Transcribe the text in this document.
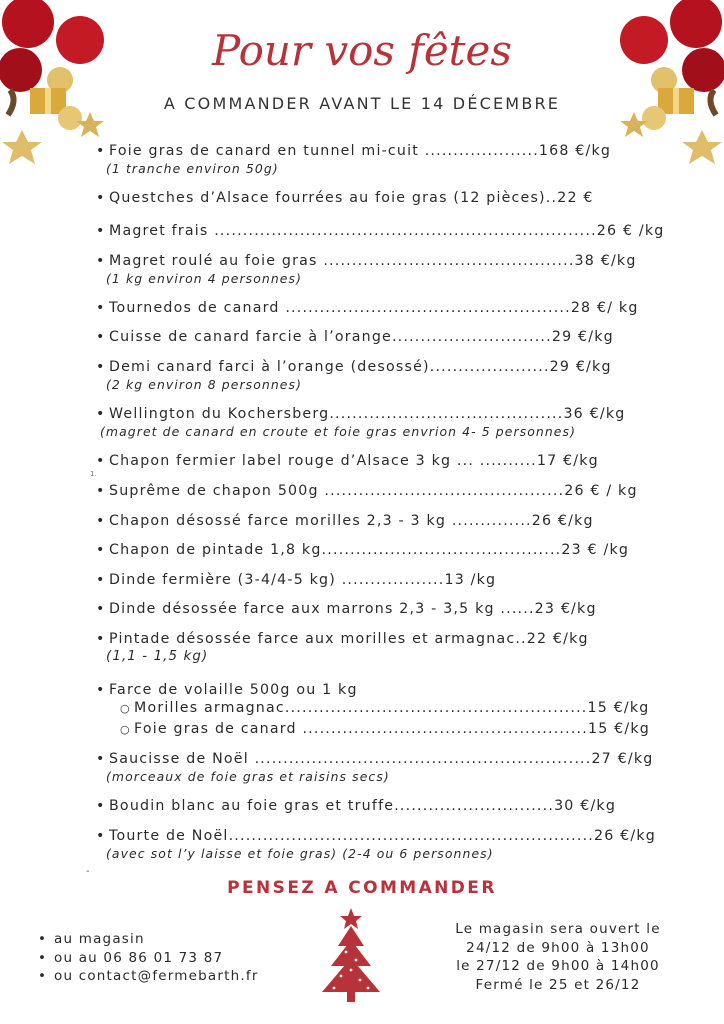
Pour vos fêtes
A COMMANDER AVANT LE 14 DÉCEMBRE
• Foie gras de canard en tunnel mi-cuit ....................168 €/kg
(1 tranche environ 50g)
• Questches d’Alsace fourrées au foie gras (12 pièces)..22 €
• Magret frais ...................................................................26 € /kg
• Magret roulé au foie gras ............................................38 €/kg
(1 kg environ 4 personnes)
• Tournedos de canard ..................................................28 €/ kg
• Cuisse de canard farcie à l’orange............................29 €/kg
• Demi canard farci à l’orange (desossé).....................29 €/kg
(2 kg environ 8 personnes)
• Wellington du Kochersberg.........................................36 €/kg
(magret de canard en croute et foie gras envrion 4- 5 personnes)
• Chapon fermier label rouge d’Alsace 3 kg ... ..........17 €/kg
1.
• Suprême de chapon 500g ..........................................26 € / kg
• Chapon désossé farce morilles 2,3 - 3 kg ..............26 €/kg
• Chapon de pintade 1,8 kg..........................................23 € /kg
• Dinde fermière (3-4/4-5 kg) ..................13 /kg
• Dinde désossée farce aux marrons 2,3 - 3,5 kg ......23 €/kg
• Pintade désossée farce aux morilles et armagnac..22 €/kg
(1,1 - 1,5 kg)
• Farce de volaille 500g ou 1 kg
○ Morilles armagnac.....................................................15 €/kg
○ Foie gras de canard ..................................................15 €/kg
• Saucisse de Noël ...........................................................27 €/kg
(morceaux de foie gras et raisins secs)
• Boudin blanc au foie gras et truffe............................30 €/kg
• Tourte de Noël................................................................26 €/kg
(avec sot l’y laisse et foie gras) (2-4 ou 6 personnes)
-
PENSEZ A COMMANDER
• au magasin
• ou au 06 86 01 73 87
• ou contact@fermebarth.fr
Le magasin sera ouvert le
24/12 de 9h00 à 13h00
le 27/12 de 9h00 à 14h00
Fermé le 25 et 26/12
